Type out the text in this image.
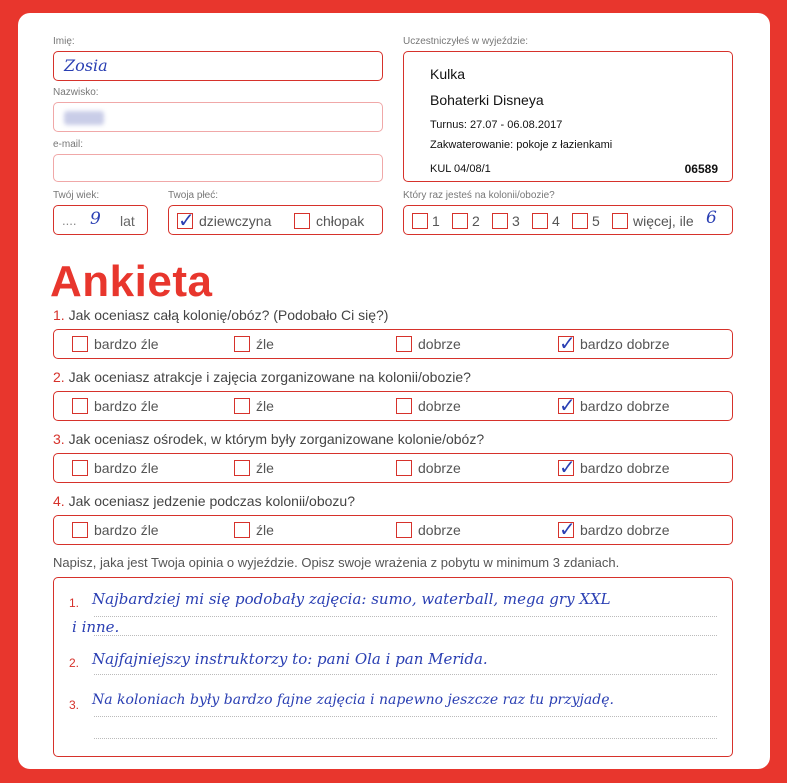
Imię:
Zosia
Nazwisko:
e-mail:
Twój wiek:
.... 9 lat
Twoja płeć:
✓dziewczyna	chłopak
Uczestniczyłeś w wyjeździe:
Kulka
Bohaterki Disneya
Turnus: 27.07 - 06.08.2017
Zakwaterowanie: pokoje z łazienkami
KUL 04/08/1	06589
Który raz jesteś na kolonii/obozie?
1	2	3	4	5	więcej, ile 6
Ankieta
1. Jak oceniasz całą kolonię/obóz? (Podobało Ci się?)
bardzo źle	źle	dobrze ✓	bardzo dobrze
2. Jak oceniasz atrakcje i zajęcia zorganizowane na kolonii/obozie?
bardzo źle	źle	dobrze ✓	bardzo dobrze
3. Jak oceniasz ośrodek, w którym były zorganizowane kolonie/obóz?
bardzo źle	źle	dobrze ✓	bardzo dobrze
4. Jak oceniasz jedzenie podczas kolonii/obozu?
bardzo źle	źle	dobrze ✓	bardzo dobrze
Napisz, jaka jest Twoja opinia o wyjeździe. Opisz swoje wrażenia z pobytu w minimum 3 zdaniach.
1. Najbardziej mi się podobały zajęcia: sumo, waterball, mega gry XXL
i inne.
2. Najfajniejszy instruktorzy to: pani Ola i pan Merida.
3. Na koloniach były bardzo fajne zajęcia i napewno jeszcze raz tu przyjadę.
